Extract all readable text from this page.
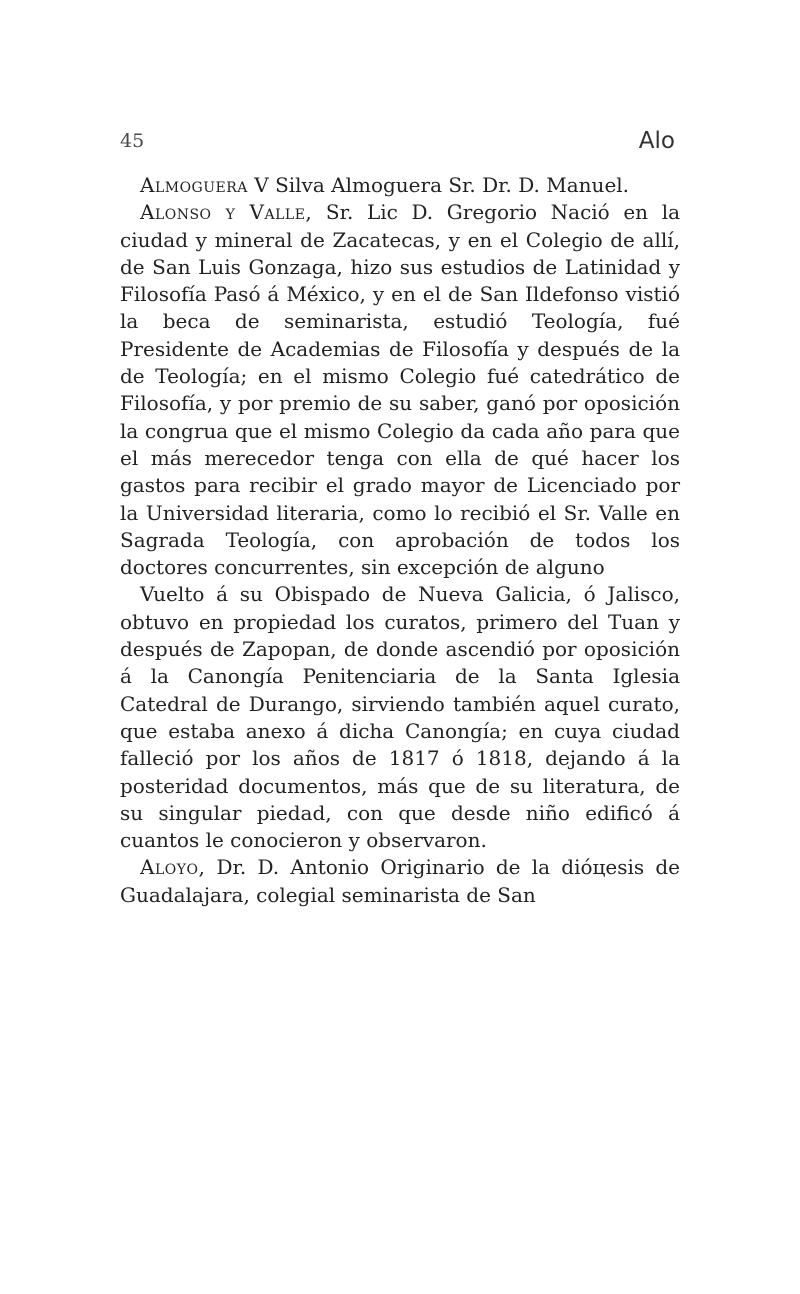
45	Alo

Almoguera V Silva Almoguera Sr. Dr. D. Manuel.

Alonso y Valle, Sr. Lic D. Gregorio Nació en la ciudad y mineral de Zacatecas, y en el Colegio de allí, de San Luis Gonzaga, hizo sus estudios de Latinidad y Filosofía Pasó á México, y en el de San Ildefonso vistió la beca de seminarista, estudió Teología, fué Presidente de Academias de Filosofía y después de la de Teología; en el mismo Colegio fué catedrático de Filosofía, y por premio de su saber, ganó por oposición la congrua que el mismo Colegio da cada año para que el más merecedor tenga con ella de qué hacer los gastos para recibir el grado mayor de Licenciado por la Universidad literaria, como lo recibió el Sr. Valle en Sagrada Teología, con aprobación de todos los doctores concurrentes, sin excepción de alguno

Vuelto á su Obispado de Nueva Galicia, ó Jalisco, obtuvo en propiedad los curatos, primero del Tuan y después de Zapopan, de donde ascendió por oposición á la Canongía Penitenciaria de la Santa Iglesia Catedral de Durango, sirviendo también aquel curato, que estaba anexo á dicha Canongía; en cuya ciudad falleció por los años de 1817 ó 1818, dejando á la posteridad documentos, más que de su literatura, de su singular piedad, con que desde niño edificó á cuantos le conocieron y observaron.

Aloyo, Dr. D. Antonio Originario de la dióцesis de Guadalajara, colegial seminarista de San
